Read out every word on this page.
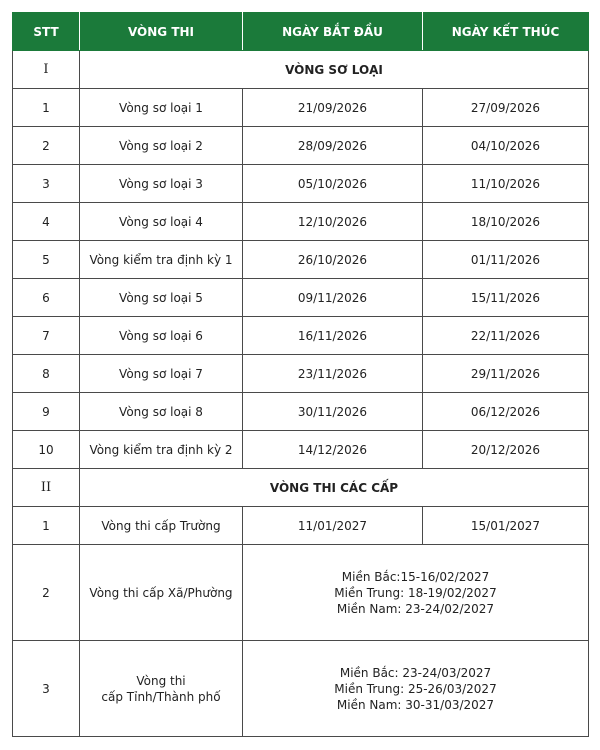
STT	VÒNG THI	NGÀY BẮT ĐẦU	NGÀY KẾT THÚC
I	VÒNG SƠ LOẠI		
1	Vòng sơ loại 1	21/09/2026	27/09/2026
2	Vòng sơ loại 2	28/09/2026	04/10/2026
3	Vòng sơ loại 3	05/10/2026	11/10/2026
4	Vòng sơ loại 4	12/10/2026	18/10/2026
5	Vòng kiểm tra định kỳ 1	26/10/2026	01/11/2026
6	Vòng sơ loại 5	09/11/2026	15/11/2026
7	Vòng sơ loại 6	16/11/2026	22/11/2026
8	Vòng sơ loại 7	23/11/2026	29/11/2026
9	Vòng sơ loại 8	30/11/2026	06/12/2026
10	Vòng kiểm tra định kỳ 2	14/12/2026	20/12/2026
II	VÒNG THI CÁC CẤP		
1	Vòng thi cấp Trường	11/01/2027	15/01/2027
2	Vòng thi cấp Xã/Phường	Miền Bắc:15-16/02/2027
Miền Trung: 18-19/02/2027
Miền Nam: 23-24/02/2027	

3	Vòng thi
cấp Tỉnh/Thành phố	Miền Bắc: 23-24/03/2027
Miền Trung: 25-26/03/2027
Miền Nam: 30-31/03/2027	
